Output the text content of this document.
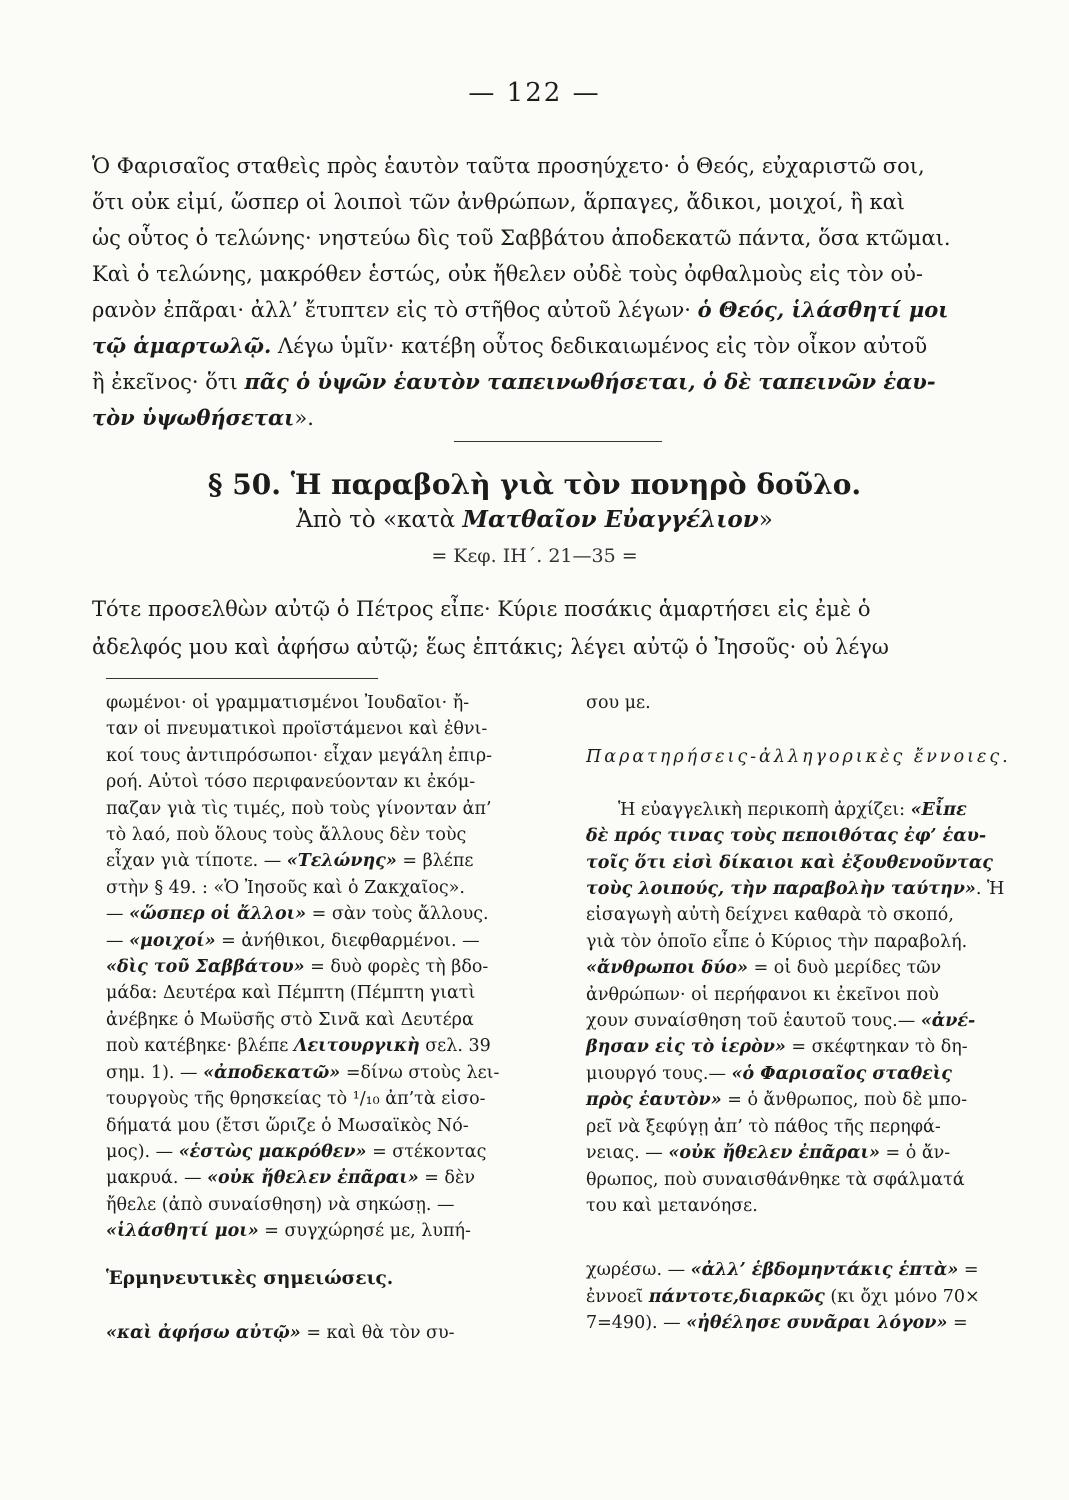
— 122 —
Ὁ Φαρισαῖος σταθεὶς πρὸς ἑαυτὸν ταῦτα προσηύχετο· ὁ Θεός, εὐχαριστῶ σοι,
ὅτι οὐκ εἰμί, ὥσπερ οἱ λοιποὶ τῶν ἀνθρώπων, ἅρπαγες, ἄδικοι, μοιχοί, ἢ καὶ
ὡς οὗτος ὁ τελώνης· νηστεύω δὶς τοῦ Σαββάτου ἀποδεκατῶ πάντα, ὅσα κτῶμαι.
Καὶ ὁ τελώνης, μακρόθεν ἑστώς, οὐκ ἤθελεν οὐδὲ τοὺς ὀφθαλμοὺς εἰς τὸν οὐ-
ρανὸν ἐπᾶραι· ἀλλ’ ἔτυπτεν εἰς τὸ στῆθος αὐτοῦ λέγων· ὁ Θεός, ἱλάσθητί μοι
τῷ ἁμαρτωλῷ. Λέγω ὑμῖν· κατέβη οὗτος δεδικαιωμένος εἰς τὸν οἶκον αὐτοῦ
ἢ ἐκεῖνος· ὅτι πᾶς ὁ ὑψῶν ἑαυτὸν ταπεινωθήσεται, ὁ δὲ ταπεινῶν ἑαυ-
τὸν ὑψωθήσεται».
§ 50. Ἡ παραβολὴ γιὰ τὸν πονηρὸ δοῦλο.
Ἀπὸ τὸ «κατὰ Ματθαῖον Εὐαγγέλιον»
= Κεφ. ΙΗ΄. 21—35 =
Τότε προσελθὼν αὐτῷ ὁ Πέτρος εἶπε· Κύριε ποσάκις ἁμαρτήσει εἰς ἐμὲ ὁ
ἀδελφός μου καὶ ἀφήσω αὐτῷ; ἕως ἑπτάκις; λέγει αὐτῷ ὁ Ἰησοῦς· οὐ λέγω
φωμένοι· οἱ γραμματισμένοι Ἰουδαῖοι· ἤ-
ταν οἱ πνευματικοὶ προϊστάμενοι καὶ ἐθνι-
κοί τους ἀντιπρόσωποι· εἶχαν μεγάλη ἐπιρ-
ροή. Αὐτοὶ τόσο περιφανεύονταν κι ἐκόμ-
παζαν γιὰ τὶς τιμές, ποὺ τοὺς γίνονταν ἀπ’
τὸ λαό, ποὺ ὅλους τοὺς ἄλλους δὲν τοὺς
εἶχαν γιὰ τίποτε. — «Τελώνης» = βλέπε
στὴν § 49. : «Ὁ Ἰησοῦς καὶ ὁ Ζακχαῖος».
— «ὥσπερ οἱ ἄλλοι» = σὰν τοὺς ἄλλους.
— «μοιχοί» = ἀνήθικοι, διεφθαρμένοι. —
«δὶς τοῦ Σαββάτου» = δυὸ φορὲς τὴ βδο-
μάδα: Δευτέρα καὶ Πέμπτη (Πέμπτη γιατὶ
ἀνέβηκε ὁ Μωϋσῆς στὸ Σινᾶ καὶ Δευτέρα
ποὺ κατέβηκε· βλέπε Λειτουργικὴ σελ. 39
σημ. 1). — «ἀποδεκατῶ» =δίνω στοὺς λει-
τουργοὺς τῆς θρησκείας τὸ ¹/₁₀ ἀπ’τὰ εἰσο-
δήματά μου (ἔτσι ὥριζε ὁ Μωσαϊκὸς Νό-
μος). — «ἑστὼς μακρόθεν» = στέκοντας
μακρυά. — «οὐκ ἤθελεν ἐπᾶραι» = δὲν
ἤθελε (ἀπὸ συναίσθηση) νὰ σηκώσῃ. —
«ἱλάσθητί μοι» = συγχώρησέ με, λυπή-
Ἑρμηνευτικὲς σημειώσεις.
«καὶ ἀφήσω αὐτῷ» = καὶ θὰ τὸν συ-
σου με.
Παρατηρήσεις-ἀλληγορικὲς ἔννοιες.
Ἡ εὐαγγελικὴ περικοπὴ ἀρχίζει: «Εἶπε
δὲ πρός τινας τοὺς πεποιθότας ἐφ’ ἑαυ-
τοῖς ὅτι εἰσὶ δίκαιοι καὶ ἐξουθενοῦντας
τοὺς λοιπούς, τὴν παραβολὴν ταύτην». Ἡ
εἰσαγωγὴ αὐτὴ δείχνει καθαρὰ τὸ σκοπό,
γιὰ τὸν ὁποῖο εἶπε ὁ Κύριος τὴν παραβολή.
«ἄνθρωποι δύο» = οἱ δυὸ μερίδες τῶν
ἀνθρώπων· οἱ περήφανοι κι ἐκεῖνοι ποὺ
χουν συναίσθηση τοῦ ἑαυτοῦ τους.— «ἀνέ-
βησαν εἰς τὸ ἱερὸν» = σκέφτηκαν τὸ δη-
μιουργό τους.— «ὁ Φαρισαῖος σταθεὶς
πρὸς ἑαυτὸν» = ὁ ἄνθρωπος, ποὺ δὲ μπο-
ρεῖ νὰ ξεφύγῃ ἀπ’ τὸ πάθος τῆς περηφά-
νειας. — «οὐκ ἤθελεν ἐπᾶραι» = ὁ ἄν-
θρωπος, ποὺ συναισθάνθηκε τὰ σφάλματά
του καὶ μετανόησε.
χωρέσω. — «ἀλλ’ ἑβδομηντάκις ἑπτὰ» =
ἐννοεῖ πάντοτε,διαρκῶς (κι ὄχι μόνο 70×
7=490). — «ἠθέλησε συνᾶραι λόγον» =
